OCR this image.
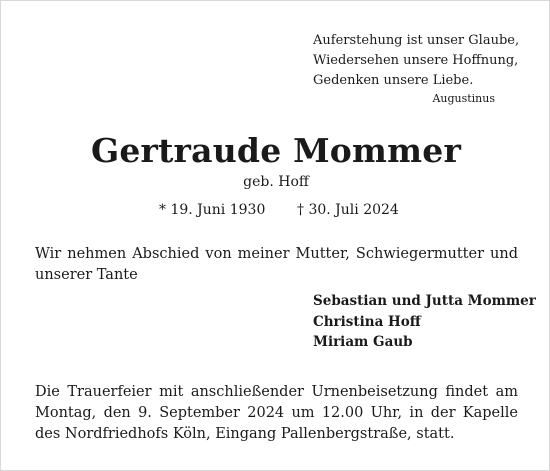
Auferstehung ist unser Glaube,
Wiedersehen unsere Hoffnung,
Gedenken unsere Liebe.
Augustinus
Gertraude Mommer
geb. Hoff
* 19. Juni 1930 † 30. Juli 2024
Wir nehmen Abschied von meiner Mutter, Schwiegermutter und unserer Tante
Sebastian und Jutta Mommer
Christina Hoff
Miriam Gaub
Die Trauerfeier mit anschließender Urnenbeisetzung findet am Montag, den 9. September 2024 um 12.00 Uhr, in der Kapelle des Nordfriedhofs Köln, Eingang Pallenbergstraße, statt.
